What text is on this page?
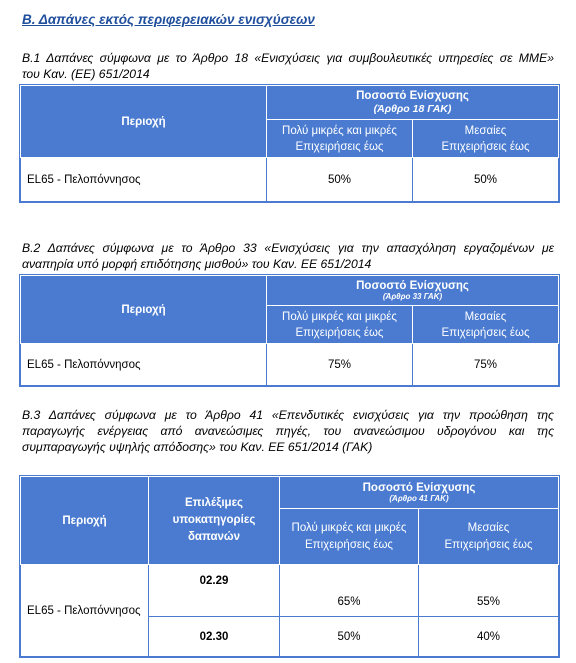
Β. Δαπάνες εκτός περιφερειακών ενισχύσεων
Β.1 Δαπάνες σύμφωνα με το Άρθρο 18 «Ενισχύσεις για συμβουλευτικές υπηρεσίες σε ΜΜΕ»
του Καν. (ΕΕ) 651/2014
Περιοχή	Ποσοστό Ενίσχυσης
(Άρθρο 18 ΓΑΚ)	

	Πολύ μικρές και μικρές Επιχειρήσεις έως	Μεσαίες Επιχειρήσεις έως
EL65 - Πελοπόννησος	50%	50%
Β.2 Δαπάνες σύμφωνα με το Άρθρο 33 «Ενισχύσεις για την απασχόληση εργαζομένων με
αναπηρία υπό μορφή επιδότησης μισθού» του Καν. ΕΕ 651/2014
Περιοχή	Ποσοστό Ενίσχυσης
(Άρθρο 33 ΓΑΚ)	

	Πολύ μικρές και μικρές Επιχειρήσεις έως	Μεσαίες Επιχειρήσεις έως
EL65 - Πελοπόννησος	75%	75%
Β.3 Δαπάνες σύμφωνα με το Άρθρο 41 «Επενδυτικές ενισχύσεις για την προώθηση της
παραγωγής ενέργειας από ανανεώσιμες πηγές, του ανανεώσιμου υδρογόνου και της
συμπαραγωγής υψηλής απόδοσης» του Καν. ΕΕ 651/2014 (ΓΑΚ)
Περιοχή	Επιλέξιμες υποκατηγορίες δαπανών	Ποσοστό Ενίσχυσης
(Άρθρο 41 ΓΑΚ)	

		Πολύ μικρές και μικρές Επιχειρήσεις έως	Μεσαίες Επιχειρήσεις έως
EL65 - Πελοπόννησος	02.29	65%	55%
	02.30	50%	40%
